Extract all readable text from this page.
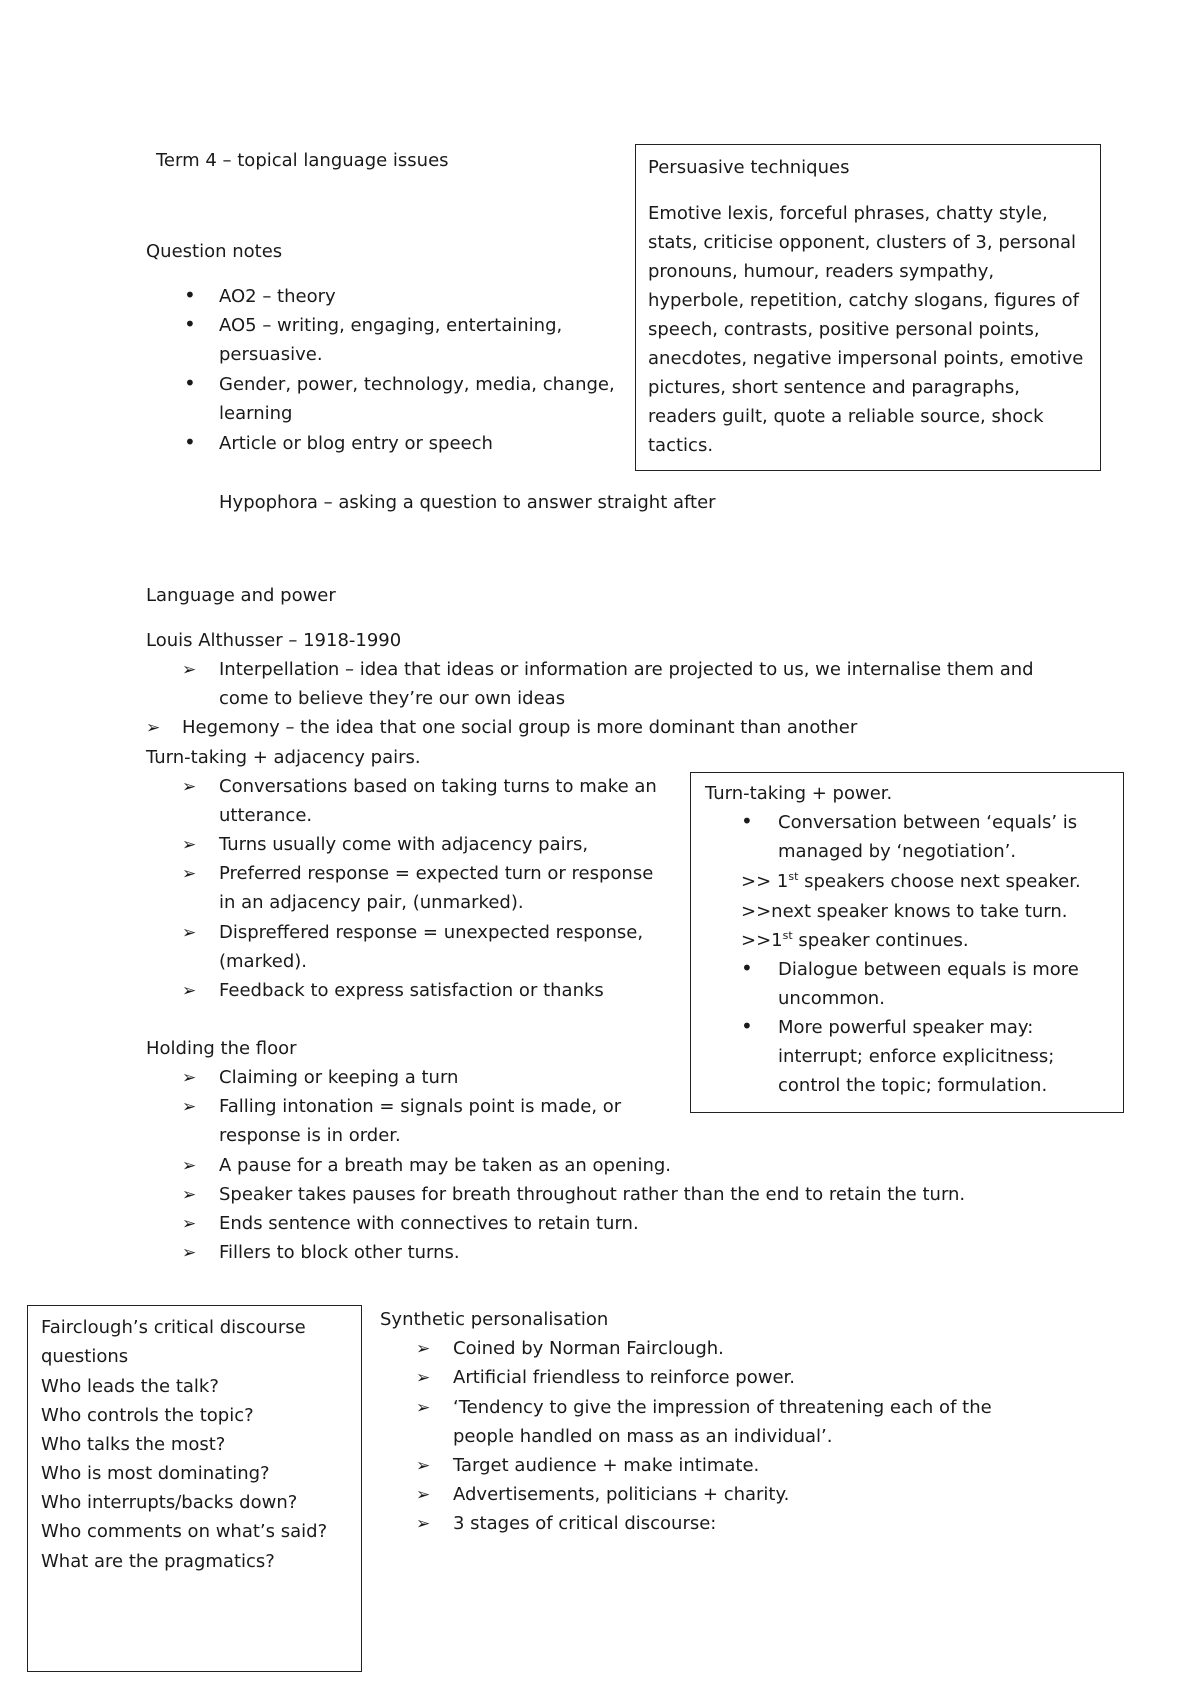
Term 4 – topical language issues
Question notes
• AO2 – theory
• AO5 – writing, engaging, entertaining,
persuasive.
• Gender, power, technology, media, change,
learning
• Article or blog entry or speech
Hypophora – asking a question to answer straight after
Persuasive techniques
Emotive lexis, forceful phrases, chatty style,
stats, criticise opponent, clusters of 3, personal
pronouns, humour, readers sympathy,
hyperbole, repetition, catchy slogans, figures of
speech, contrasts, positive personal points,
anecdotes, negative impersonal points, emotive
pictures, short sentence and paragraphs,
readers guilt, quote a reliable source, shock
tactics.
Language and power
Louis Althusser – 1918-1990
➢ Interpellation – idea that ideas or information are projected to us, we internalise them and
come to believe they’re our own ideas
➢ Hegemony – the idea that one social group is more dominant than another
Turn-taking + adjacency pairs.
➢ Conversations based on taking turns to make an
utterance.
➢ Turns usually come with adjacency pairs,
➢ Preferred response = expected turn or response
in an adjacency pair, (unmarked).
➢ Dispreffered response = unexpected response,
(marked).
➢ Feedback to express satisfaction or thanks
Holding the floor
➢ Claiming or keeping a turn
➢ Falling intonation = signals point is made, or
response is in order.
➢ A pause for a breath may be taken as an opening.
➢ Speaker takes pauses for breath throughout rather than the end to retain the turn.
➢ Ends sentence with connectives to retain turn.
➢ Fillers to block other turns.
Turn-taking + power.
• Conversation between ‘equals’ is
managed by ‘negotiation’.
>> 1st speakers choose next speaker.
>>next speaker knows to take turn.
>>1st speaker continues.
• Dialogue between equals is more
uncommon.
• More powerful speaker may:
interrupt; enforce explicitness;
control the topic; formulation.
Fairclough’s critical discourse
questions
Who leads the talk?
Who controls the topic?
Who talks the most?
Who is most dominating?
Who interrupts/backs down?
Who comments on what’s said?
What are the pragmatics?
Synthetic personalisation
➢ Coined by Norman Fairclough.
➢ Artificial friendless to reinforce power.
➢ ‘Tendency to give the impression of threatening each of the
people handled on mass as an individual’.
➢ Target audience + make intimate.
➢ Advertisements, politicians + charity.
➢ 3 stages of critical discourse:
